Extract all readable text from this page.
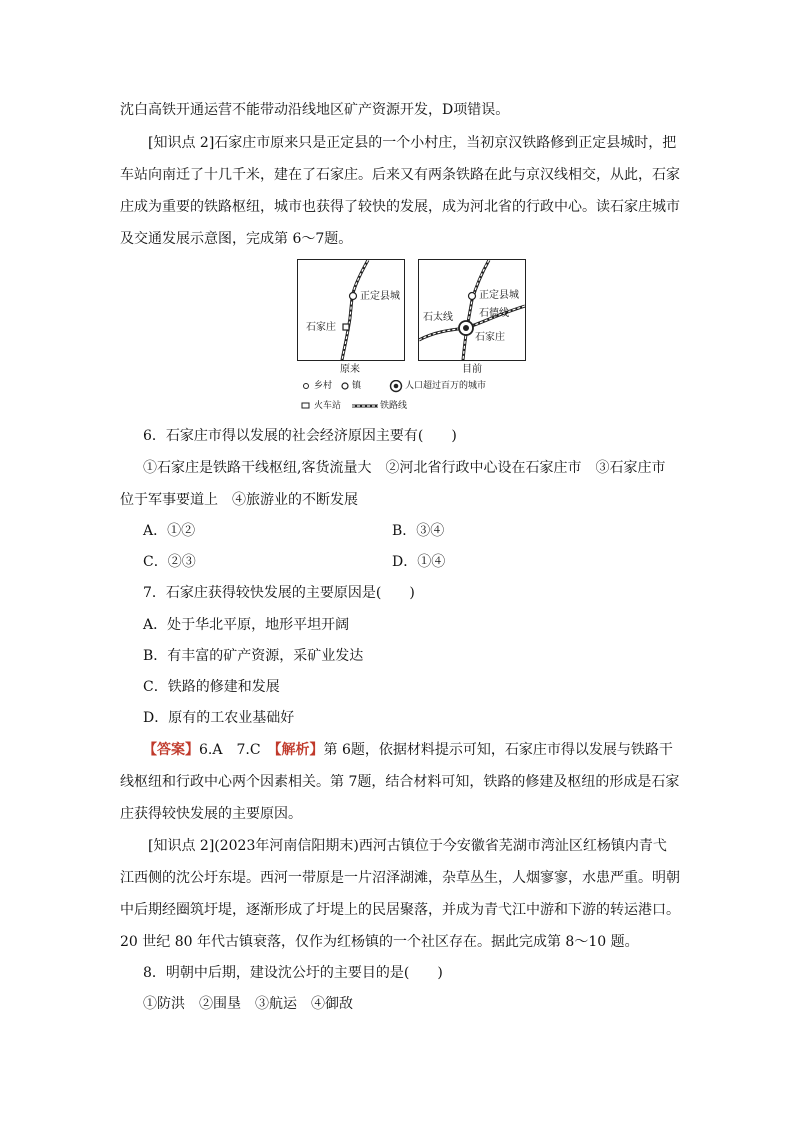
沈白高铁开通运营不能带动沿线地区矿产资源开发，D项错误。
[知识点 2]石家庄市原来只是正定县的一个小村庄，当初京汉铁路修到正定县城时，把
车站向南迁了十几千米，建在了石家庄。后来又有两条铁路在此与京汉线相交，从此，石家
庄成为重要的铁路枢纽，城市也获得了较快的发展，成为河北省的行政中心。读石家庄城市
及交通发展示意图，完成第 6～7题。
正定县城
石家庄
原来
正定县城
石太线	石德线
石家庄
目前
乡村 镇	人口超过百万的城市
火车站	铁路线
6．石家庄市得以发展的社会经济原因主要有(　　)
①石家庄是铁路干线枢纽,客货流量大　②河北省行政中心设在石家庄市　③石家庄市
位于军事要道上　④旅游业的不断发展
A．①②	B．③④
C．②③	D．①④
7．石家庄获得较快发展的主要原因是(　　)
A．处于华北平原，地形平坦开阔
B．有丰富的矿产资源，采矿业发达
C．铁路的修建和发展
D．原有的工农业基础好
【答案】6.A　7.C　【解析】第 6题，依据材料提示可知，石家庄市得以发展与铁路干
线枢纽和行政中心两个因素相关。第 7题，结合材料可知，铁路的修建及枢纽的形成是石家
庄获得较快发展的主要原因。
[知识点 2](2023年河南信阳期末)西河古镇位于今安徽省芜湖市湾沚区红杨镇内青弋
江西侧的沈公圩东堤。西河一带原是一片沼泽湖滩，杂草丛生，人烟寥寥，水患严重。明朝
中后期经圈筑圩堤，逐渐形成了圩堤上的民居聚落，并成为青弋江中游和下游的转运港口。
20 世纪 80 年代古镇衰落，仅作为红杨镇的一个社区存在。据此完成第 8～10 题。
8．明朝中后期，建设沈公圩的主要目的是(　　)
①防洪　②围垦　③航运　④御敌
